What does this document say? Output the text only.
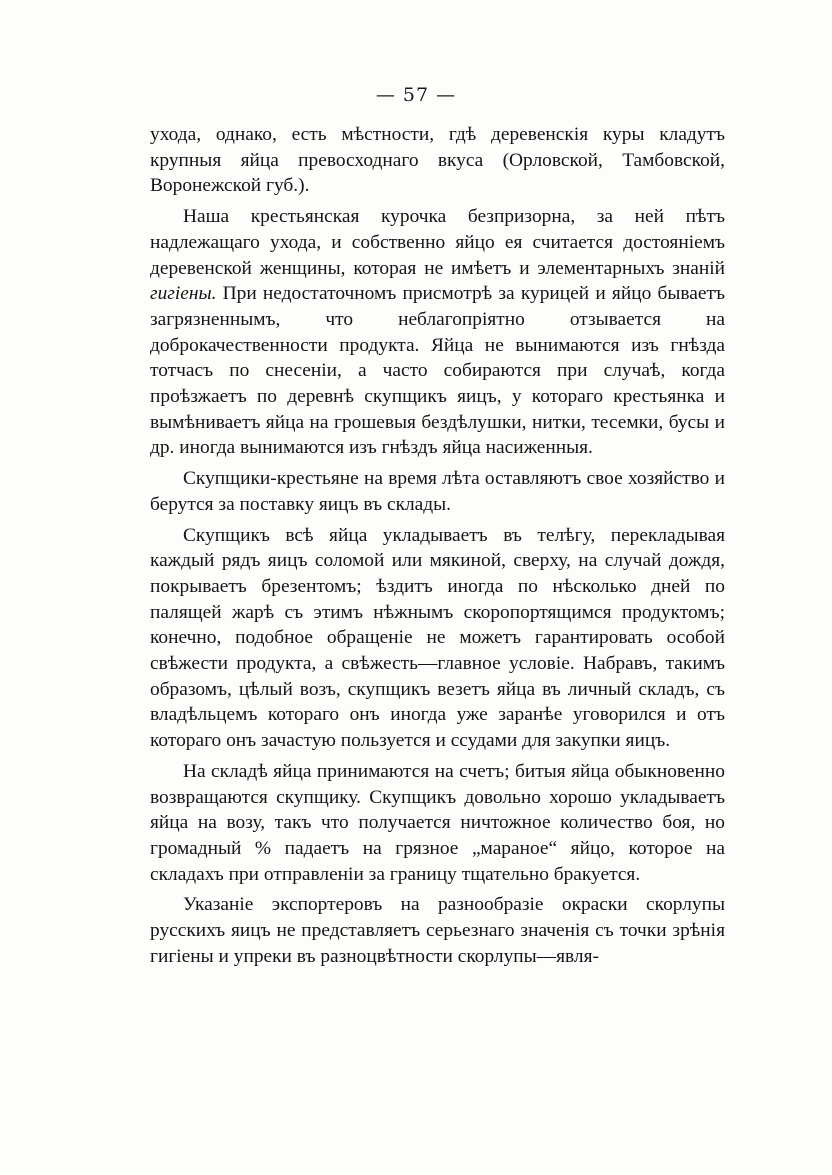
— 57 —

ухода, однако, есть мѣстности, гдѣ деревенскія куры кладутъ крупныя яйца превосходнаго вкуса (Орловской, Тамбовской, Воронежской губ.).

Наша крестьянская курочка безпризорна, за ней пѣтъ надлежащаго ухода, и собственно яйцо ея считается достояніемъ деревенской женщины, которая не имѣетъ и элементарныхъ знаній гигіены. При недостаточномъ присмотрѣ за курицей и яйцо бываетъ загрязненнымъ, что неблагопріятно отзывается на доброкачественности продукта. Яйца не вынимаются изъ гнѣзда тотчасъ по снесеніи, а часто собираются при случаѣ, когда проѣзжаетъ по деревнѣ скупщикъ яицъ, у котораго крестьянка и вымѣниваетъ яйца на грошевыя бездѣлушки, нитки, тесемки, бусы и др. иногда вынимаются изъ гнѣздъ яйца насиженныя.

Скупщики-крестьяне на время лѣта оставляютъ свое хозяйство и берутся за поставку яицъ въ склады.

Скупщикъ всѣ яйца укладываетъ въ телѣгу, перекладывая каждый рядъ яицъ соломой или мякиной, сверху, на случай дождя, покрываетъ брезентомъ; ѣздитъ иногда по нѣсколько дней по палящей жарѣ съ этимъ нѣжнымъ скоропортящимся продуктомъ; конечно, подобное обращеніе не можетъ гарантировать особой свѣжести продукта, а свѣжесть—главное условіе. Набравъ, такимъ образомъ, цѣлый возъ, скупщикъ везетъ яйца въ личный складъ, съ владѣльцемъ котораго онъ иногда уже заранѣе уговорился и отъ котораго онъ зачастую пользуется и ссудами для закупки яицъ.

На складѣ яйца принимаются на счетъ; битыя яйца обыкновенно возвращаются скупщику. Скупщикъ довольно хорошо укладываетъ яйца на возу, такъ что получается ничтожное количество боя, но громадный % падаетъ на грязное „мараное“ яйцо, которое на складахъ при отправленіи за границу тщательно бракуется.

Указаніе экспортеровъ на разнообразіе окраски скорлупы русскихъ яицъ не представляетъ серьезнаго значенія съ точки зрѣнія гигіены и упреки въ разноцвѣтности скорлупы—явля-
